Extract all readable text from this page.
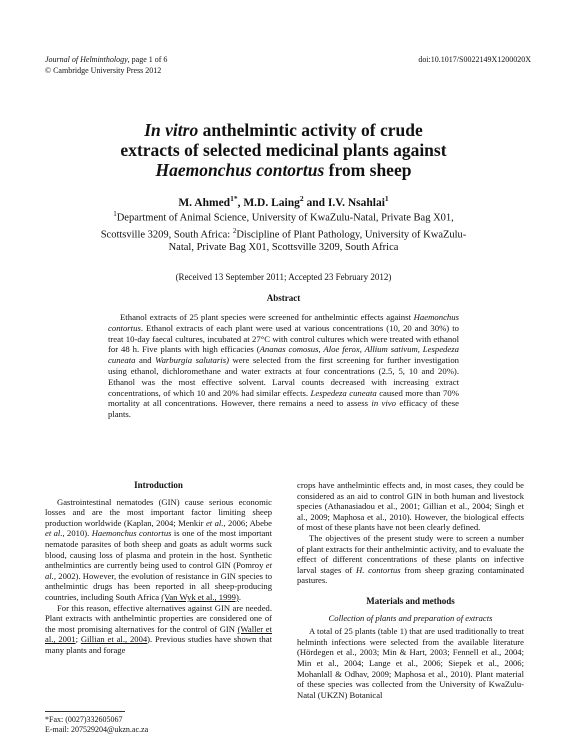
Journal of Helminthology, page 1 of 6
© Cambridge University Press 2012
doi:10.1017/S0022149X1200020X
In vitro anthelmintic activity of crude
extracts of selected medicinal plants against
Haemonchus contortus from sheep
M. Ahmed$^{1*}$, M.D. Laing$^2$ and I.V. Nsahlai$^1$
$^1$Department of Animal Science, University of KwaZulu-Natal, Private Bag X01, Scottsville 3209, South Africa: $^2$Discipline of Plant Pathology, University of KwaZulu-Natal, Private Bag X01, Scottsville 3209, South Africa
(Received 13 September 2011; Accepted 23 February 2012)
Abstract
Ethanol extracts of 25 plant species were screened for anthelmintic effects against Haemonchus contortus. Ethanol extracts of each plant were used at various concentrations (10, 20 and 30%) to treat 10-day faecal cultures, incubated at 27°C with control cultures which were treated with ethanol for 48 h. Five plants with high efficacies (Ananas comosus, Aloe ferox, Allium sativum, Lespedeza cuneata and Warburgia salutaris) were selected from the first screening for further investigation using ethanol, dichloromethane and water extracts at four concentrations (2.5, 5, 10 and 20%). Ethanol was the most effective solvent. Larval counts decreased with increasing extract concentrations, of which 10 and 20% had similar effects. Lespedeza cuneata caused more than 70% mortality at all concentrations. However, there remains a need to assess in vivo efficacy of these plants.
Introduction

Gastrointestinal nematodes (GIN) cause serious economic losses and are the most important factor limiting sheep production worldwide (Kaplan, 2004; Menkir et al., 2006; Abebe et al., 2010). Haemonchus contortus is one of the most important nematode parasites of both sheep and goats as adult worms suck blood, causing loss of plasma and protein in the host. Synthetic anthelmintics are currently being used to control GIN (Pomroy et al., 2002). However, the evolution of resistance in GIN species to anthelmintic drugs has been reported in all sheep-producing countries, including South Africa (Van Wyk et al., 1999).

For this reason, effective alternatives against GIN are needed. Plant extracts with anthelmintic properties are considered one of the most promising alternatives for the control of GIN (Waller et al., 2001; Gillian et al., 2004). Previous studies have shown that many plants and forage

crops have anthelmintic effects and, in most cases, they could be considered as an aid to control GIN in both human and livestock species (Athanasiadou et al., 2001; Gillian et al., 2004; Singh et al., 2009; Maphosa et al., 2010). However, the biological effects of most of these plants have not been clearly defined.

The objectives of the present study were to screen a number of plant extracts for their anthelmintic activity, and to evaluate the effect of different concentrations of these plants on infective larval stages of H. contortus from sheep grazing contaminated pastures.

Materials and methods
Collection of plants and preparation of extracts

A total of 25 plants (table 1) that are used traditionally to treat helminth infections were selected from the available literature (Hördegen et al., 2003; Min & Hart, 2003; Fennell et al., 2004; Min et al., 2004; Lange et al., 2006; Siepek et al., 2006; Mohanlall & Odhav, 2009; Maphosa et al., 2010). Plant material of these species was collected from the University of KwaZulu-Natal (UKZN) Botanical

*Fax: (0027)332605067
E-mail: 207529204@ukzn.ac.za
